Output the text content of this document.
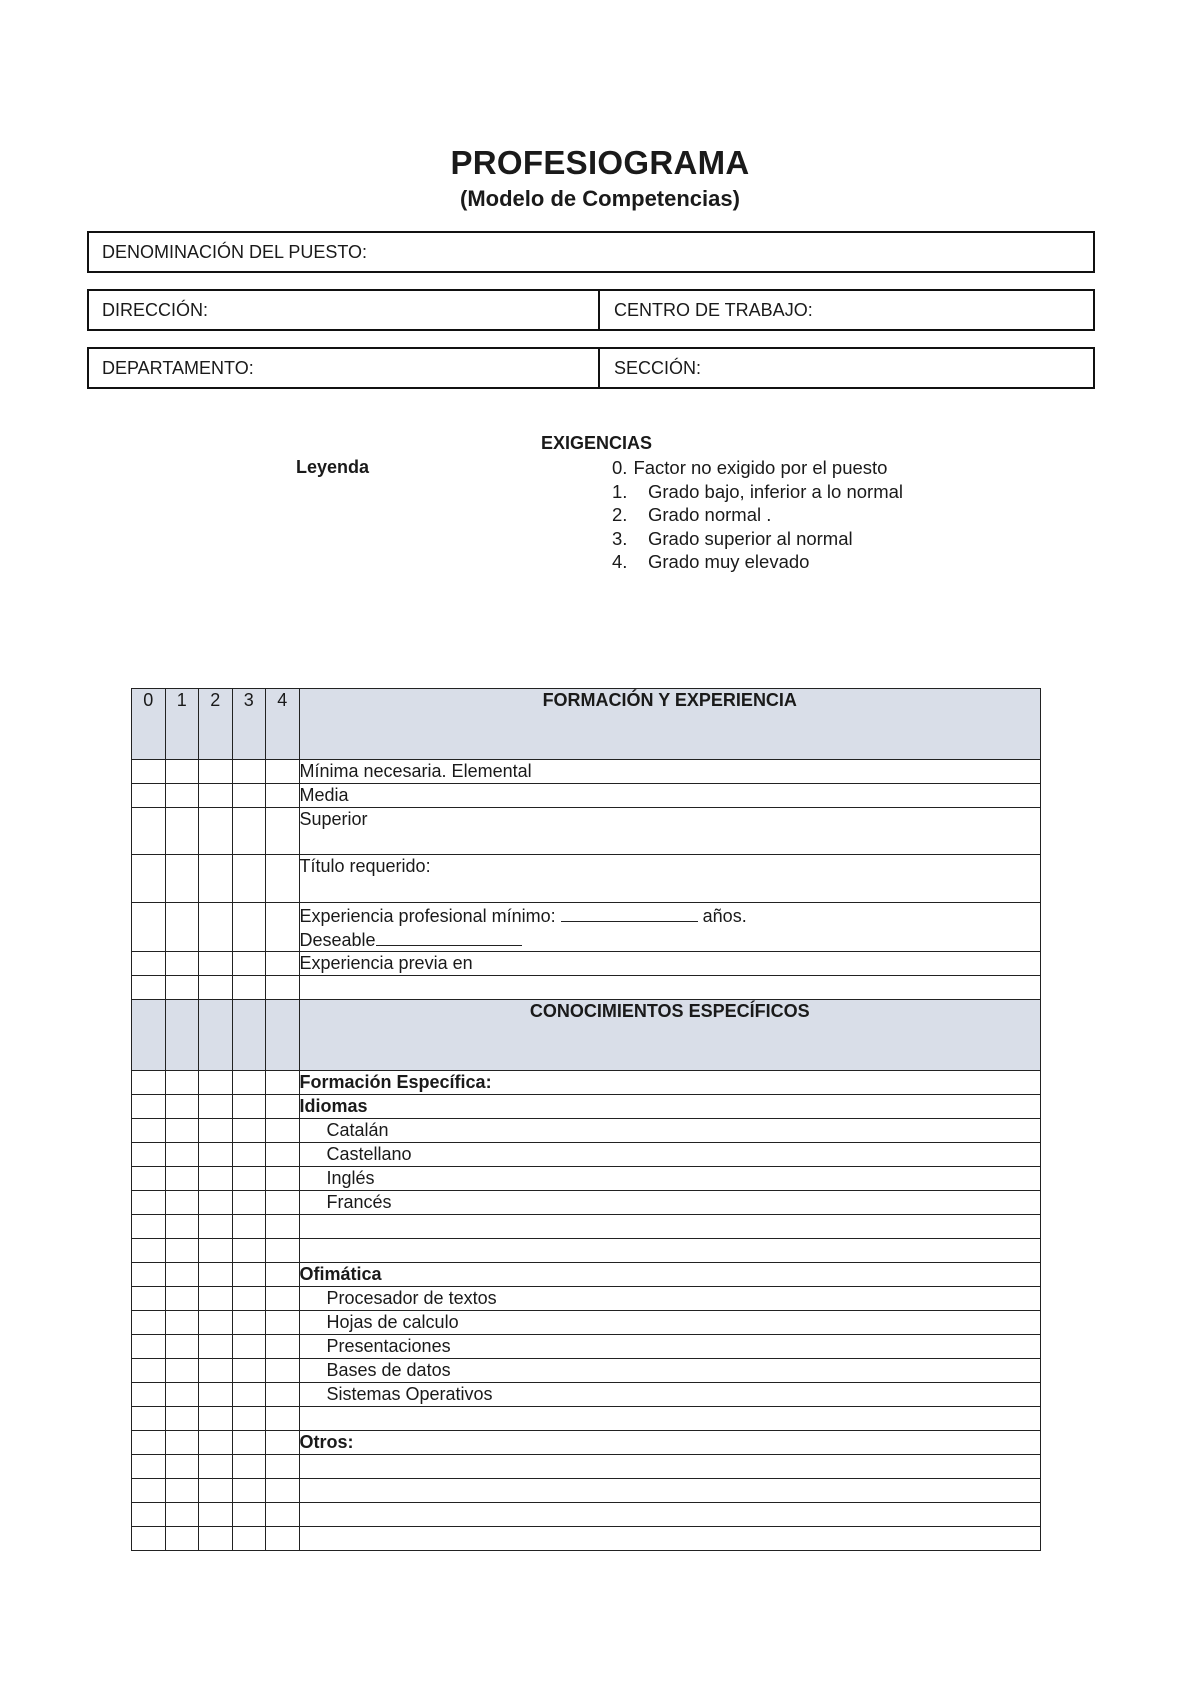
PROFESIOGRAMA
(Modelo de Competencias)
DENOMINACIÓN DEL PUESTO:
DIRECCIÓN:	CENTRO DE TRABAJO:
DEPARTAMENTO:	SECCIÓN:
EXIGENCIAS
Leyenda	0. Factor no exigido por el puesto
1.	Grado bajo, inferior a lo normal
2.	Grado normal .
3.	Grado superior al normal
4.	Grado muy elevado
0	1	2	3	4	FORMACIÓN Y EXPERIENCIA
					Mínima necesaria. Elemental
					Media
					Superior
					Título requerido:
					Experiencia profesional mínimo: años.
Deseable
					Experiencia previa en

					CONOCIMIENTOS ESPECÍFICOS
					Formación Específica:
					Idiomas
					Catalán
					Castellano
					Inglés
					Francés

					Ofimática
					Procesador de textos
					Hojas de calculo
					Presentaciones
					Bases de datos
					Sistemas Operativos

					Otros:
